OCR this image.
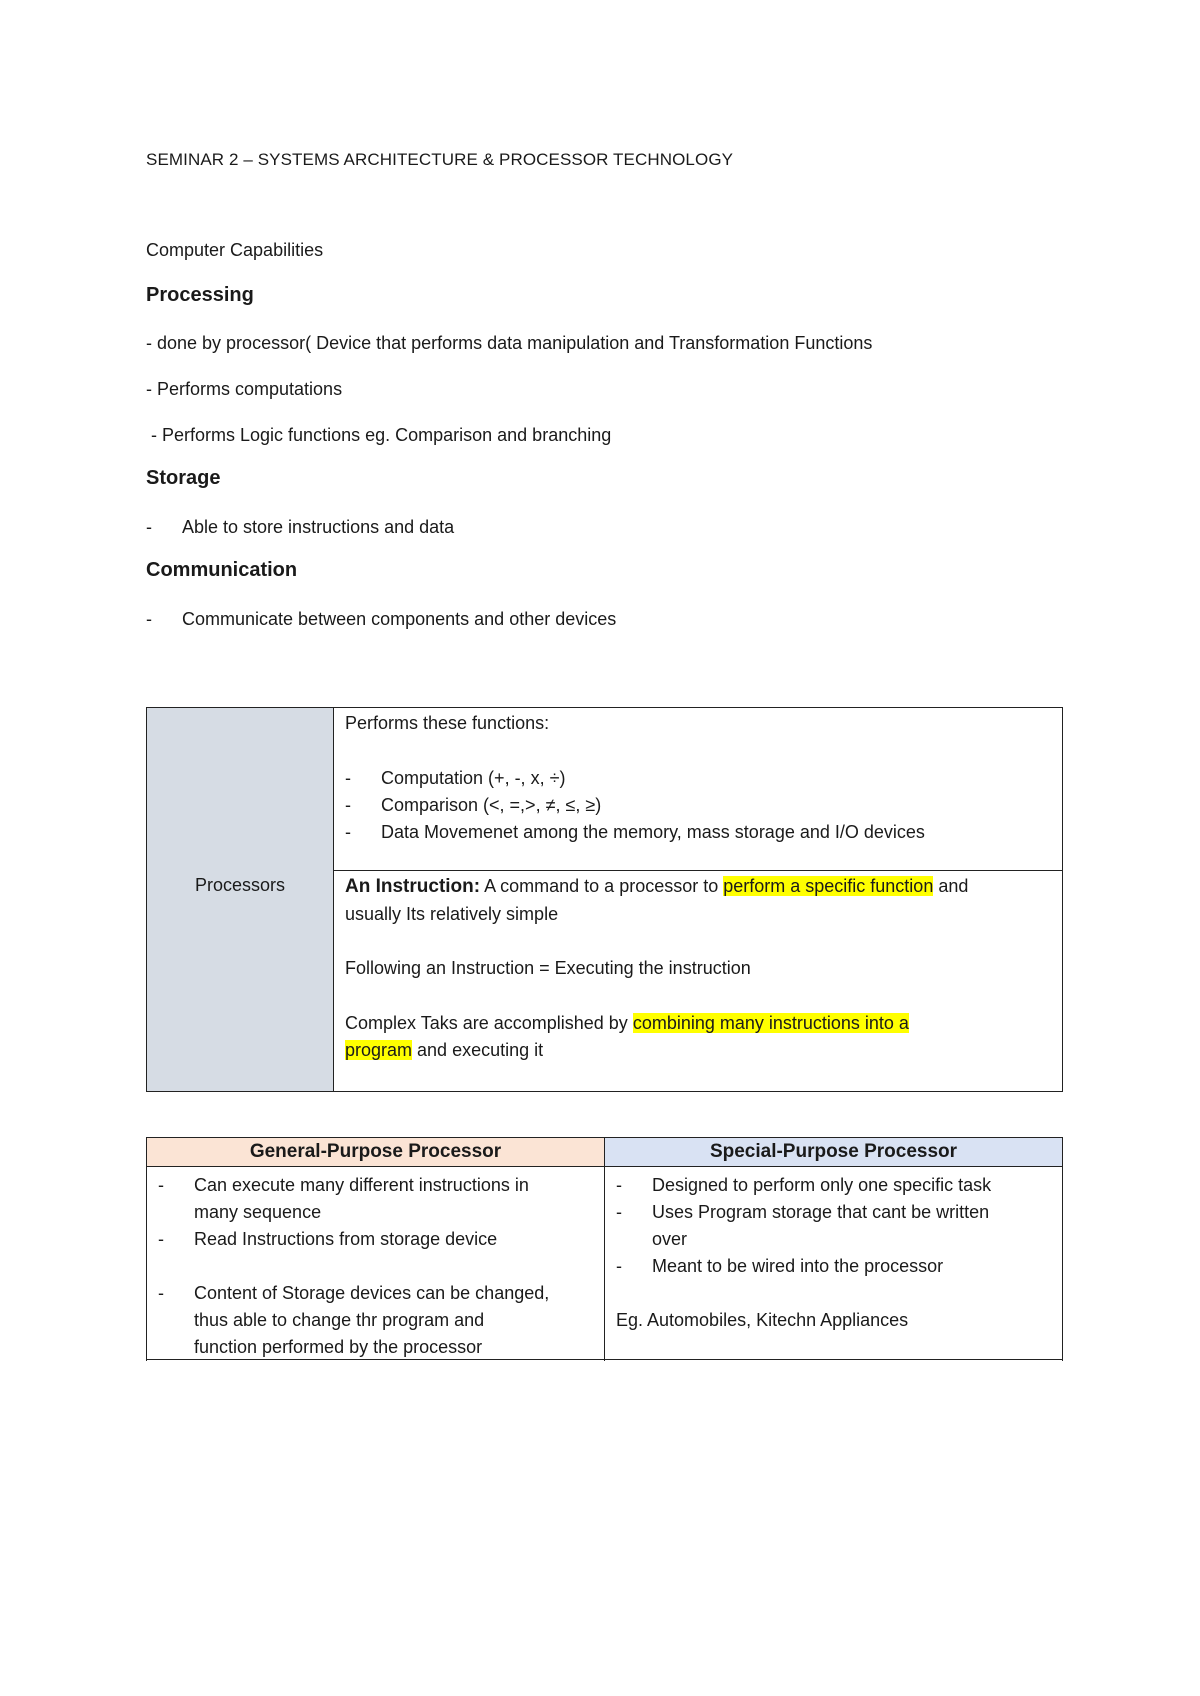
SEMINAR 2 – SYSTEMS ARCHITECTURE & PROCESSOR TECHNOLOGY
Computer Capabilities
Processing
- done by processor( Device that performs data manipulation and Transformation Functions
- Performs computations
- Performs Logic functions eg. Comparison and branching
Storage
- Able to store instructions and data
Communication
- Communicate between components and other devices
Processors
Performs these functions:
- Computation (+, -, x, ÷)
- Comparison (<, =,>, ≠, ≤, ≥)
- Data Movemenet among the memory, mass storage and I/O devices
An Instruction: A command to a processor to perform a specific function and
usually Its relatively simple
Following an Instruction = Executing the instruction
Complex Taks are accomplished by combining many instructions into a
program and executing it
General-Purpose Processor	Special-Purpose Processor
- Can execute many different instructions in
many sequence
- Read Instructions from storage device
- Content of Storage devices can be changed,
thus able to change thr program and
function performed by the processor
- Designed to perform only one specific task
- Uses Program storage that cant be written
over
- Meant to be wired into the processor
Eg. Automobiles, Kitechn Appliances
